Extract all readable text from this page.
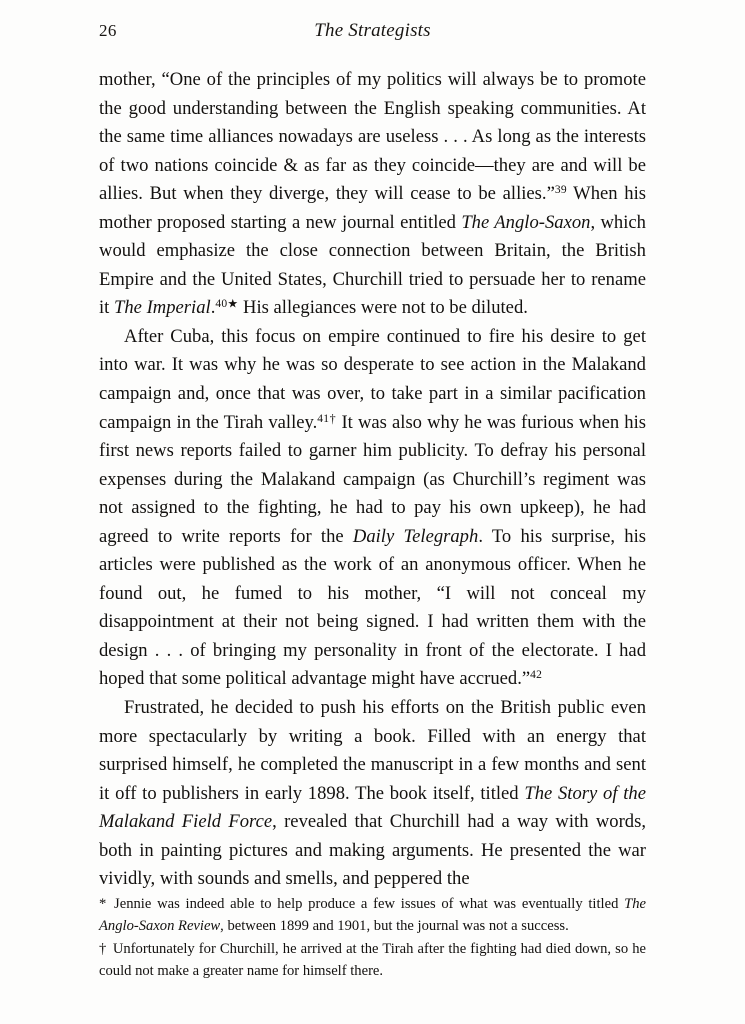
26	The Strategists

mother, “One of the principles of my politics will always be to promote the good understanding between the English speaking communities. At the same time alliances nowadays are useless . . . As long as the interests of two nations coincide & as far as they coincide—they are and will be allies. But when they diverge, they will cease to be allies.”$^{39}$ When his mother proposed starting a new journal entitled The Anglo-Saxon, which would emphasize the close connection between Britain, the British Empire and the United States, Churchill tried to persuade her to rename it The Imperial.$^{40★}$ His allegiances were not to be diluted.

After Cuba, this focus on empire continued to fire his desire to get into war. It was why he was so desperate to see action in the Malakand campaign and, once that was over, to take part in a similar pacification campaign in the Tirah valley.$^{41\dagger}$ It was also why he was furious when his first news reports failed to garner him publicity. To defray his personal expenses during the Malakand campaign (as Churchill’s regiment was not assigned to the fighting, he had to pay his own upkeep), he had agreed to write reports for the Daily Telegraph. To his surprise, his articles were published as the work of an anonymous officer. When he found out, he fumed to his mother, “I will not conceal my disappointment at their not being signed. I had written them with the design . . . of bringing my personality in front of the electorate. I had hoped that some political advantage might have accrued.”$^{42}$

Frustrated, he decided to push his efforts on the British public even more spectacularly by writing a book. Filled with an energy that surprised himself, he completed the manuscript in a few months and sent it off to publishers in early 1898. The book itself, titled The Story of the Malakand Field Force, revealed that Churchill had a way with words, both in painting pictures and making arguments. He presented the war vividly, with sounds and smells, and peppered the

* Jennie was indeed able to help produce a few issues of what was eventually titled The Anglo-Saxon Review, between 1899 and 1901, but the journal was not a success.

† Unfortunately for Churchill, he arrived at the Tirah after the fighting had died down, so he could not make a greater name for himself there.
